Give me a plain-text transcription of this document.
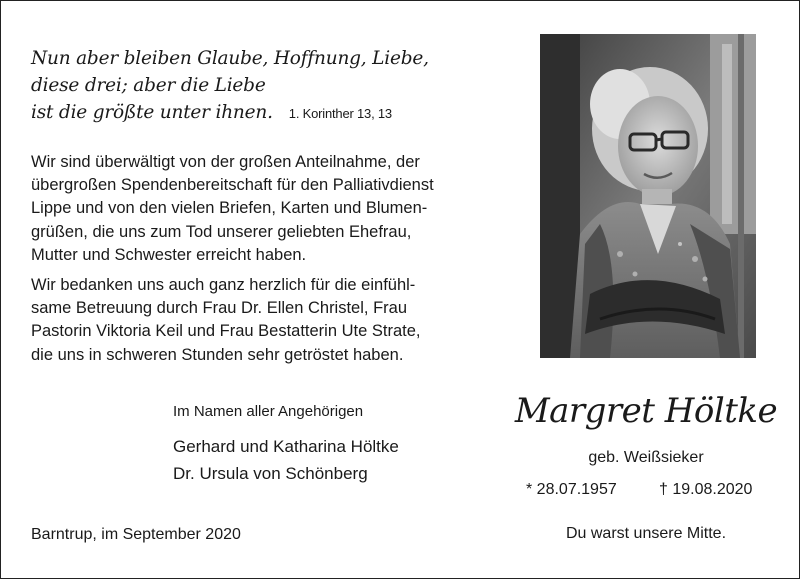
Nun aber bleiben Glaube, Hoffnung, Liebe,
diese drei; aber die Liebe
ist die größte unter ihnen. 1. Korinther 13, 13
Wir sind überwältigt von der großen Anteilnahme, der
übergroßen Spendenbereitschaft für den Palliativdienst
Lippe und von den vielen Briefen, Karten und Blumen-
grüßen, die uns zum Tod unserer geliebten Ehefrau,
Mutter und Schwester erreicht haben.
Wir bedanken uns auch ganz herzlich für die einfühl-
same Betreuung durch Frau Dr. Ellen Christel, Frau
Pastorin Viktoria Keil und Frau Bestatterin Ute Strate,
die uns in schweren Stunden sehr getröstet haben.
Im Namen aller Angehörigen
Gerhard und Katharina Höltke
Dr. Ursula von Schönberg
Margret Höltke
geb. Weißsieker
* 28.07.1957	† 19.08.2020
Barntrup, im September 2020	Du warst unsere Mitte.
